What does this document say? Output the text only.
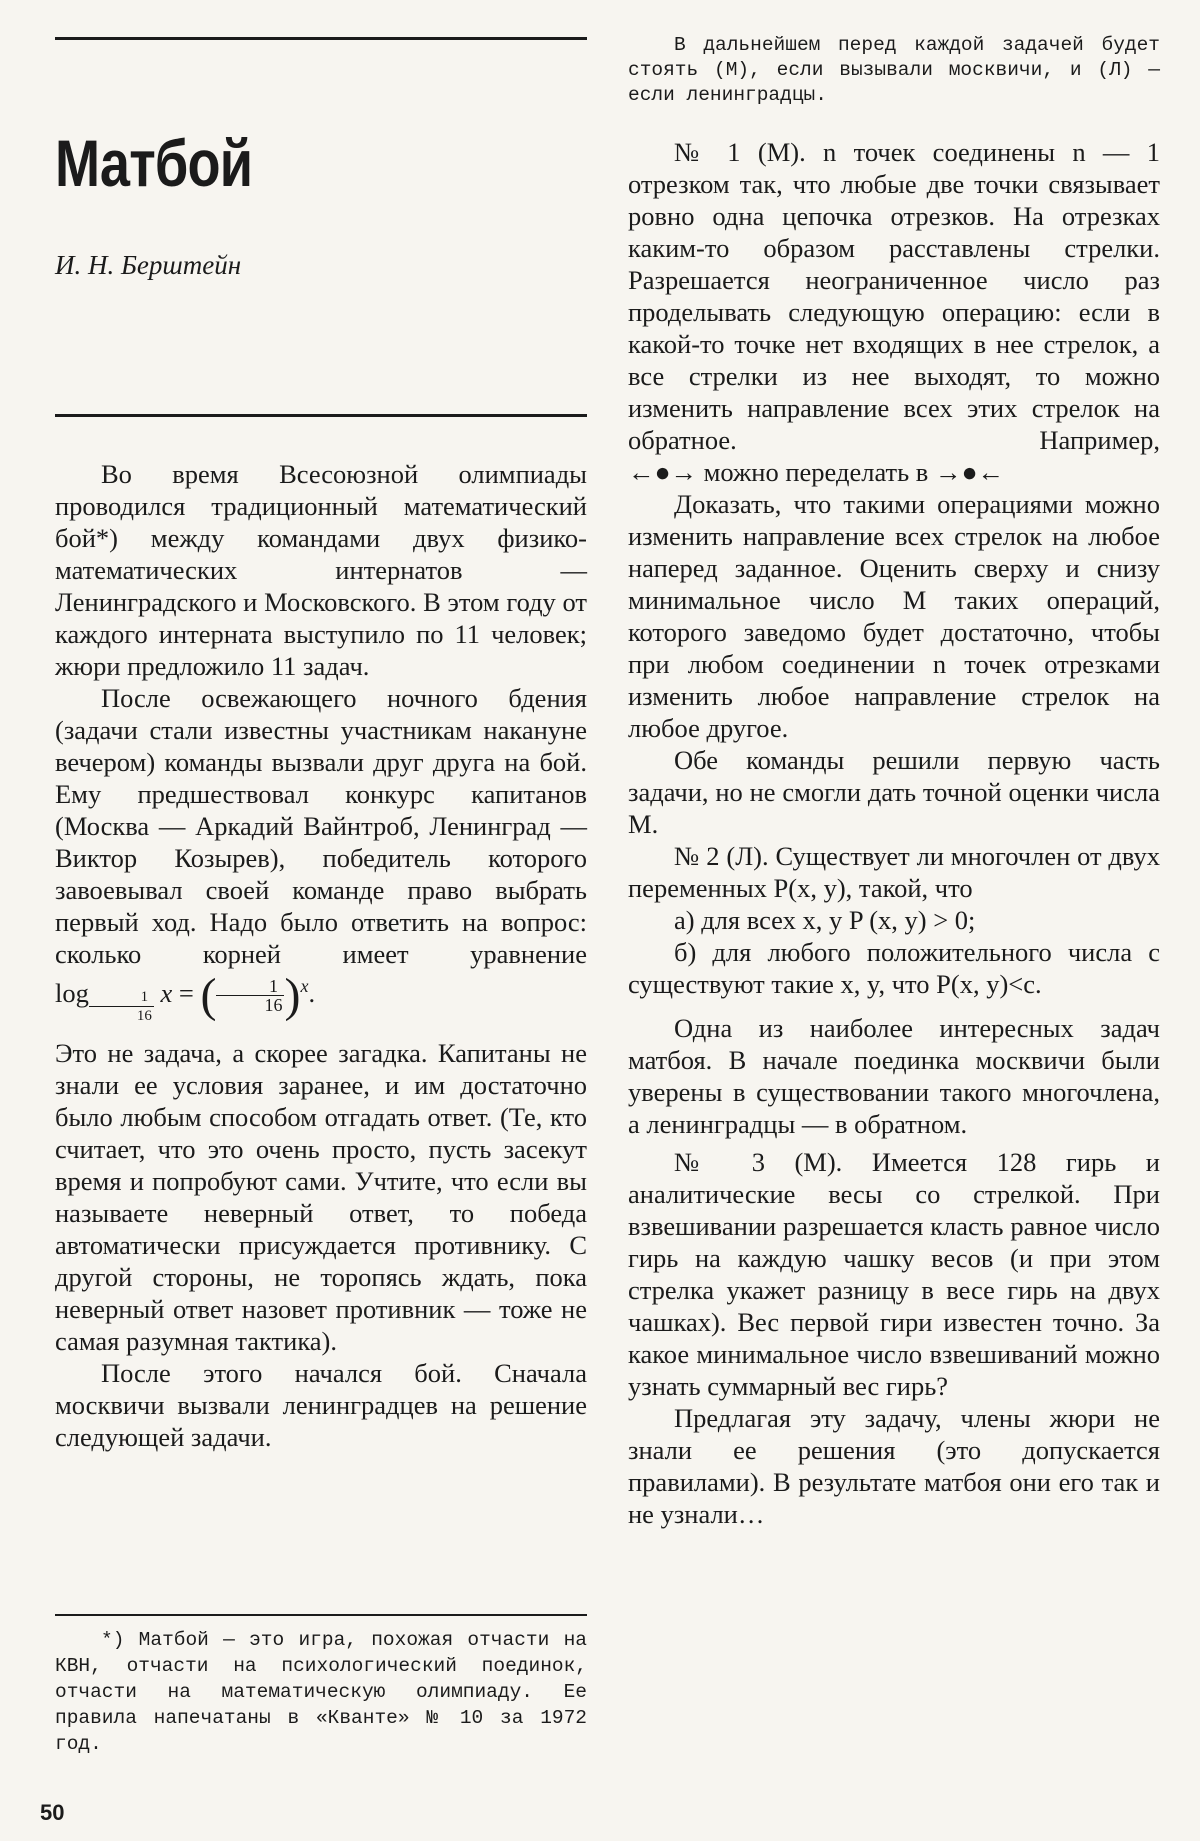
Матбой
И. Н. Берштейн

Во время Всесоюзной олимпиады проводился традиционный математический бой*) между командами двух физико-математических интернатов — Ленинградского и Московского. В этом году от каждого интерната выступило по 11 человек; жюри предложило 11 задач.

После освежающего ночного бдения (задачи стали известны участникам накануне вечером) команды вызвали друг друга на бой. Ему предшествовал конкурс капитанов (Москва — Аркадий Вайнтроб, Ленинград — Виктор Козырев), победитель которого завоевывал своей команде право выбрать первый ход. Надо было ответить на вопрос: сколько корней имеет уравнение $\log \frac{1}{16}$ x = ( $\frac{1}{16} )^x$.

Это не задача, а скорее загадка. Капитаны не знали ее условия заранее, и им достаточно было любым способом отгадать ответ. (Те, кто считает, что это очень просто, пусть засекут время и попробуют сами. Учтите, что если вы называете неверный ответ, то победа автоматически присуждается противнику. С другой стороны, не торопясь ждать, пока неверный ответ назовет противник — тоже не самая разумная тактика).

После этого начался бой. Сначала москвичи вызвали ленинградцев на решение следующей задачи.

*) Матбой — это игра, похожая отчасти на КВН, отчасти на психологический поединок, отчасти на математическую олимпиаду. Ее правила напечатаны в «Кванте» № 10 за 1972 год.
В дальнейшем перед каждой задачей будет стоять (М), если вызывали москвичи, и (Л) — если ленинградцы.

№ 1 (М). n точек соединены n — 1 отрезком так, что любые две точки связывает ровно одна цепочка отрезков. На отрезках каким-то образом расставлены стрелки. Разрешается неограниченное число раз проделывать следующую операцию: если в какой-то точке нет входящих в нее стрелок, а все стрелки из нее выходят, то можно изменить направление всех этих стрелок на обратное. Например, ←●→ можно переделать в →●←

Доказать, что такими операциями можно изменить направление всех стрелок на любое наперед заданное. Оценить сверху и снизу минимальное число M таких операций, которого заведомо будет достаточно, чтобы при любом соединении n точек отрезками изменить любое направление стрелок на любое другое.

Обе команды решили первую часть задачи, но не смогли дать точной оценки числа M.

№ 2 (Л). Существует ли многочлен от двух переменных P(x, y), такой, что

а) для всех x, y P (x, y) > 0;

б) для любого положительного числа c существуют такие x, y, что P(x, y)<c.

Одна из наиболее интересных задач матбоя. В начале поединка москвичи были уверены в существовании такого многочлена, а ленинградцы — в обратном.

№ 3 (М). Имеется 128 гирь и аналитические весы со стрелкой. При взвешивании разрешается класть равное число гирь на каждую чашку весов (и при этом стрелка укажет разницу в весе гирь на двух чашках). Вес первой гири известен точно. За какое минимальное число взвешиваний можно узнать суммарный вес гирь?

Предлагая эту задачу, члены жюри не знали ее решения (это допускается правилами). В результате матбоя они его так и не узнали…

50
